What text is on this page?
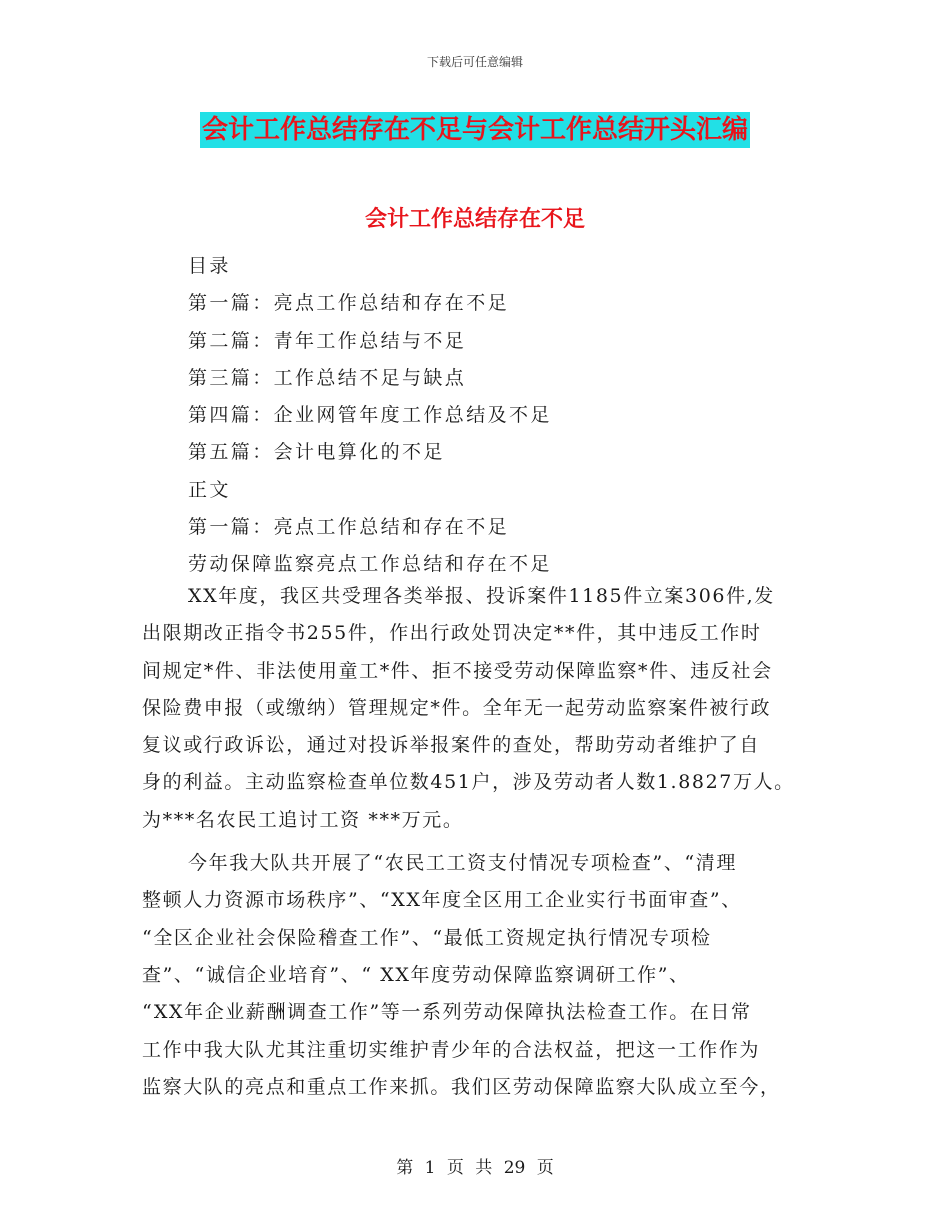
下载后可任意编辑
会计工作总结存在不足与会计工作总结开头汇编
会计工作总结存在不足
目录
第一篇：亮点工作总结和存在不足
第二篇：青年工作总结与不足
第三篇：工作总结不足与缺点
第四篇：企业网管年度工作总结及不足
第五篇：会计电算化的不足
正文
第一篇：亮点工作总结和存在不足
劳动保障监察亮点工作总结和存在不足
XX年度，我区共受理各类举报、投诉案件1185件立案306件,发
出限期改正指令书255件，作出行政处罚决定**件，其中违反工作时
间规定*件、非法使用童工*件、拒不接受劳动保障监察*件、违反社会
保险费申报（或缴纳）管理规定*件。全年无一起劳动监察案件被行政
复议或行政诉讼，通过对投诉举报案件的查处，帮助劳动者维护了自
身的利益。主动监察检查单位数451户，涉及劳动者人数1.8827万人。
为***名农民工追讨工资 ***万元。
今年我大队共开展了“农民工工资支付情况专项检查”、“清理
整顿人力资源市场秩序”、“XX年度全区用工企业实行书面审查”、
“全区企业社会保险稽查工作”、“最低工资规定执行情况专项检
查”、“诚信企业培育”、“ XX年度劳动保障监察调研工作”、
“XX年企业薪酬调查工作”等一系列劳动保障执法检查工作。在日常
工作中我大队尤其注重切实维护青少年的合法权益，把这一工作作为
监察大队的亮点和重点工作来抓。我们区劳动保障监察大队成立至今，
第 1 页 共 29 页
